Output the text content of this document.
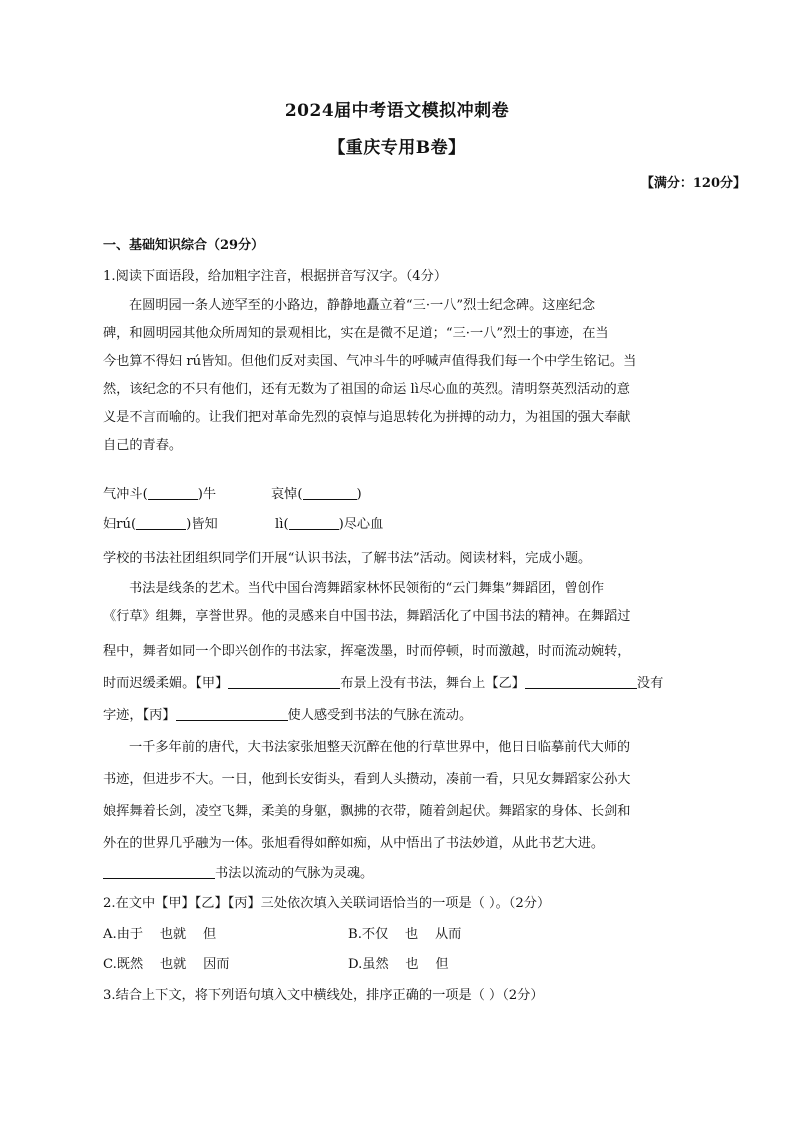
2024届中考语文模拟冲刺卷
【重庆专用B卷】
【满分：120分】
一、基础知识综合（29分）
1.阅读下面语段，给加粗字注音，根据拼音写汉字。（4分）
在圆明园一条人迹罕至的小路边，静静地矗立着“三·一八”烈士纪念碑。这座纪念
碑，和圆明园其他众所周知的景观相比，实在是微不足道；“三·一八”烈士的事迹，在当
今也算不得妇 rú皆知。但他们反对卖国、气冲斗牛的呼喊声值得我们每一个中学生铭记。当
然，该纪念的不只有他们，还有无数为了祖国的命运 lì尽心血的英烈。清明祭英烈活动的意
义是不言而喻的。让我们把对革命先烈的哀悼与追思转化为拼搏的动力，为祖国的强大奉献
自己的青春。
气冲斗(	)牛	哀悼(	)
妇rú(	)皆知	lì(	)尽心血
学校的书法社团组织同学们开展“认识书法，了解书法”活动。阅读材料，完成小题。
书法是线条的艺术。当代中国台湾舞蹈家林怀民领衔的“云门舞集”舞蹈团，曾创作
《行草》组舞，享誉世界。他的灵感来自中国书法，舞蹈活化了中国书法的精神。在舞蹈过
程中，舞者如同一个即兴创作的书法家，挥毫泼墨，时而停顿，时而激越，时而流动婉转，
时而迟缓柔媚。【甲】	布景上没有书法，舞台上【乙】	没有
字迹，【丙】	使人感受到书法的气脉在流动。
一千多年前的唐代，大书法家张旭整天沉醉在他的行草世界中，他日日临摹前代大师的
书迹，但进步不大。一日，他到长安街头，看到人头攒动，凑前一看，只见女舞蹈家公孙大
娘挥舞着长剑，凌空飞舞，柔美的身躯，飘拂的衣带，随着剑起伏。舞蹈家的身体、长剑和
外在的世界几乎融为一体。张旭看得如醉如痴，从中悟出了书法妙道，从此书艺大进。
书法以流动的气脉为灵魂。
2.在文中【甲】【乙】【丙】三处依次填入关联词语恰当的一项是（ ）。（2分）
A.由于    也就    但	B.不仅    也    从而
C.既然    也就    因而	D.虽然    也    但
3.结合上下文，将下列语句填入文中横线处，排序正确的一项是（ ）（2分）
